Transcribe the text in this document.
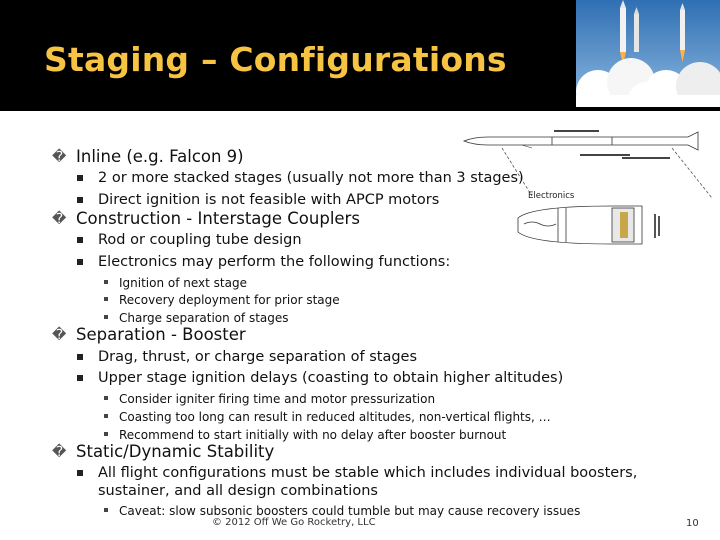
Staging – Configurations
Electronics
� Inline (e.g. Falcon 9)
2 or more stacked stages (usually not more than 3 stages)
Direct ignition is not feasible with APCP motors
� Construction - Interstage Couplers
Rod or coupling tube design
Electronics may perform the following functions:
Ignition of next stage
Recovery deployment for prior stage
Charge separation of stages
� Separation - Booster
Drag, thrust, or charge separation of stages
Upper stage ignition delays (coasting to obtain higher altitudes)
Consider igniter firing time and motor pressurization
Coasting too long can result in reduced altitudes, non-vertical flights, …
Recommend to start initially with no delay after booster burnout
� Static/Dynamic Stability
All flight configurations must be stable which includes individual boosters,
sustainer, and all design combinations
Caveat: slow subsonic boosters could tumble but may cause recovery issues
© 2012 Off We Go Rocketry, LLC	10
